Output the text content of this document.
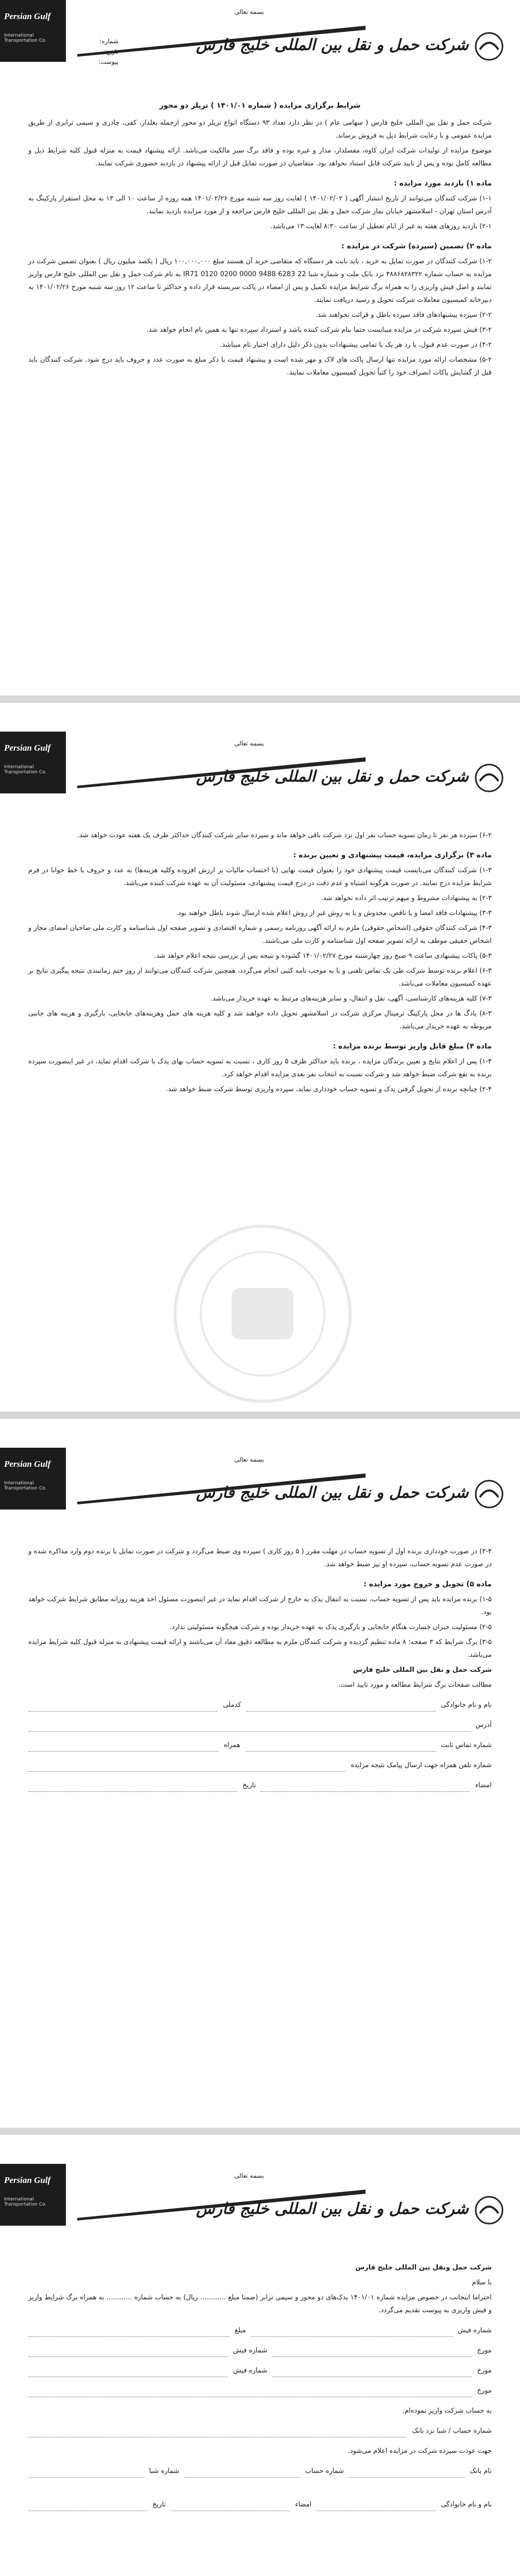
Persian Gulf
International Transportation Co.
بسمه تعالی
شماره:
تاریخ:
پیوست:
شرکت حمل و نقل بین المللی خلیج فارس
شرایط برگزاری مزایده ( شماره ۱۴۰۱/۰۱ ) تریلر دو محور

شرکت حمل و نقل بین المللی خلیج فارس ( سهامی عام ) در نظر دارد تعداد ۹۳ دستگاه انواع تریلر دو محور ازجمله بغلدار، کفی، چادری و سیمی ترابری از طریق مزایده عمومی و با رعایت شرایط ذیل به فروش برساند.

موضوع مزایده از تولیدات شرکت ایران کاوه، مفصلدار، مدار و غیره بوده و فاقد برگ سبز مالکیت می‌باشد. ارائه پیشنهاد قیمت به منزله قبول کلیه شرایط ذیل و مطالعه کامل بوده و پس از تایید شرکت قابل استناد نخواهد بود. متقاضیان در صورت تمایل قبل از ارائه پیشنهاد در بازدید حضوری شرکت نمایند.

ماده ۱) بازدید مورد مزایده :

۱-۱) شرکت کنندگان می‌توانند از تاریخ انتشار آگهی ( ۱۴۰۱/۰۲/۰۲ ) لغایت روز سه شنبه مورخ ۱۴۰۱/۰۲/۲۶ همه روزه از ساعت ۱۰ الی ۱۳ به محل استقرار پارکینگ به آدرس استان تهران - اسلامشهر خیابان نماز شرکت حمل و نقل بین المللی خلیج فارس مراجعه و از مورد مزایده بازدید نمایند.

۲-۱) بازدید روزهای هفته به غیر از ایام تعطیل از ساعت ۸:۳۰ لغایت ۱۳ می‌باشد.

ماده ۲) تضمین (سپرده) شرکت در مزایده :

۱-۲) شرکت کنندگان در صورت تمایل به خرید ، باید بابت هر دستگاه که متقاضی خرید آن هستند مبلغ ۱۰۰,۰۰۰,۰۰۰ ریال ( یکصد میلیون ریال ) بعنوان تضمین شرکت در مزایده به حساب شماره ۴۸۸۶۸۲۸۳۲۲ نزد بانک ملت و شماره شبا IR71 0120 0200 0000 9488 6283 22 به نام شرکت حمل و نقل بین المللی خلیج فارس واریز نمایند و اصل فیش واریزی را به همراه برگ شرایط مزایده تکمیل و پس از امضاء در پاکت سربسته قرار داده و حداکثر تا ساعت ۱۲ روز سه شنبه مورخ ۱۴۰۱/۰۲/۲۶ به دبیرخانه کمیسیون معاملات شرکت تحویل و رسید دریافت نمایند.

۲-۲) سپرده پیشنهادهای فاقد سپرده باطل و قرائت نخواهند شد.

۳-۲) فیش سپرده شرکت در مزایده میبایست حتما بنام شرکت کننده باشد و استرداد سپرده تنها به همین نام انجام خواهد شد.

۴-۲) در صورت عدم قبول، یا رد هر یک یا تمامی پیشنهادات بدون ذکر دلیل دارای اختیار تام میباشد.

۵-۲) مشخصات ارائه مورد مزایده تنها ارسال پاکت های لاک و مهر شده است و پیشنهاد قیمت با ذکر مبلغ به صورت عدد و حروف باید درج شود. شرکت کنندگان باید قبل از گشایش پاکات انصراف خود را کتباً تحویل کمیسیون معاملات نمایند.

Persian Gulf
International Transportation Co.
بسمه تعالی
شرکت حمل و نقل بین المللی خلیج فارس

۶-۲) سپرده هر نفر تا زمان تسویه حساب نفر اول نزد شرکت باقی خواهد ماند و سپرده سایر شرکت کنندگان حداکثر ظرف یک هفته عودت خواهد شد.

ماده ۳) برگزاری مزایده، قیمت پیشنهادی و تعیین برنده :

۱-۳) شرکت کنندگان می‌بایست قیمت پیشنهادی خود را بعنوان قیمت نهایی (با احتساب مالیات بر ارزش افزوده وکلیه هزینه‌ها) به عدد و حروف با خط خوانا در فرم شرایط مزایده درج نمایند. در صورت هرگونه اشتباه و عدم دقت در درج قیمت پیشنهادی، مسئولیت آن به عهده شرکت کننده می‌باشد.

۲-۳) به پیشنهادات مشروط و مبهم ترتیب اثر داده نخواهد شد.

۳-۳) پیشنهادات فاقد امضا و یا ناقص، مخدوش و یا به روش غیر از روش اعلام شده ارسال شوند باطل خواهند بود.

۴-۳) شرکت کنندگان حقوقی (اشخاص حقوقی) ملزم به ارائه آگهی روزنامه رسمی و شماره اقتصادی و تصویر صفحه اول شناسنامه و کارت ملی صاحبان امضای مجاز و اشخاص حقیقی موظف به ارائه تصویر صفحه اول شناسنامه و کارت ملی می‌باشند.

۵-۳) پاکات پیشنهادی ساعت ۹ صبح روز چهارشنبه مورخ ۱۴۰۱/۰۲/۲۷ گشوده و نتیجه پس از بررسی نتیجه اعلام خواهد شد.

۶-۳) اعلام برنده توسط شرکت طی یک تماس تلفنی و یا به موجب نامه کتبی انجام می‌گردد، همچنین شرکت کنندگان می‌توانند از روز ختم زمانبندی نتیجه پیگیری نتایج بر عهده کمیسیون معاملات می‌باشد.

۷-۳) کلیه هزینه‌های کارشناسی، آگهی، نقل و انتقال، و سایر هزینه‌های مرتبط به عهده خریدار می‌باشد.

۸-۳) یادگ ها در محل پارکینگ ترمینال مرکزی شرکت در اسلامشهر تحویل داده خواهند شد و کلیه هزینه های حمل وهزینه‌های جابجایی، بارگیری و هزینه های جانبی مربوطه به عهده خریدار می‌باشد.

ماده ۴) مبلغ قابل واریز توسط برنده مزایده :

۱-۴) پس از اعلام نتایج و تعیین برندگان مزایده ، برنده باید حداکثر ظرف ۵ روز کاری ، نسبت به تسویه حساب بهای یدک با شرکت اقدام نماید، در غیر اینصورت سپرده برنده به نفع شرکت ضبط خواهد شد و شرکت نسبت به انتخاب نفر بعدی مزایده اقدام خواهد کرد.

۲-۴) چنانچه برنده از تحویل گرفتن یدک و تسویه حساب خودداری نماید، سپرده واریزی توسط شرکت ضبط خواهد شد.

Persian Gulf
International Transportation Co.
بسمه تعالی
شرکت حمل و نقل بین المللی خلیج فارس

۳-۴) در صورت خودداری برنده اول از تسویه حساب در مهلت مقرر ( ۵ روز کاری ) سپرده وی ضبط می‌گردد و شرکت در صورت تمایل با برنده دوم وارد مذاکره شده و در صورت عدم تسویه حساب، سپرده او نیز ضبط خواهد شد.

ماده ۵) تحویل و خروج مورد مزایده :

۱-۵) برنده مزایده باید پس از تسویه حساب، نسبت به انتقال یدک به خارج از شرکت اقدام نماید در غیر اینصورت مسئول اخذ هزینه روزانه مطابق شرایط شرکت خواهد بود.

۲-۵) مسئولیت جبران خسارت هنگام جابجایی و بارگیری یدک به عهده خریدار بوده و شرکت هیچگونه مسئولیتی ندارد.

۳-۵) برگ شرایط که ۳ صفحه؛ ۸ ماده تنظیم گردیده و شرکت کنندگان ملزم به مطالعه دقیق مفاد آن می‌باشند و ارائه قیمت پیشنهادی به منزله قبول کلیه شرایط مزایده می‌باشد.

شرکت حمل و نقل بین المللی خلیج فارس

مطالب صفحات برگ شرایط مطالعه و مورد تایید است.

نام و نام خانوادگی
کدملی
آدرس
شماره تماس ثابت
همراه
شماره تلفن همراه جهت ارسال پیامک نتیجه مزایده
امضاء
تاریخ
Persian Gulf
International Transportation Co.
بسمه تعالی
شرکت حمل و نقل بین المللی خلیج فارس

شرکت حمل ونقل بین المللی خلیج فارس

با سلام

احتراما اینجانب در خصوص مزایده شماره ۱۴۰۱/۰۱ یدک‌های دو محور و سیمی ترابر (ضمنا مبلغ ............ ریال) به حساب شماره ............ به همراه برگ شرایط واریز و فیش واریزی به پیوست تقدیم می‌گردد.

شماره فیش
مبلغ
مورخ
شماره فیش
مورخ
شماره فیش
مورخ

به حساب شرکت واریز نموده‌ام.

شماره حساب / شبا نزد بانک

جهت عودت سپرده شرکت در مزایده اعلام می‌شود.

نام بانک
شماره حساب
شماره شبا
نام و نام خانوادگی
امضاء
تاریخ
